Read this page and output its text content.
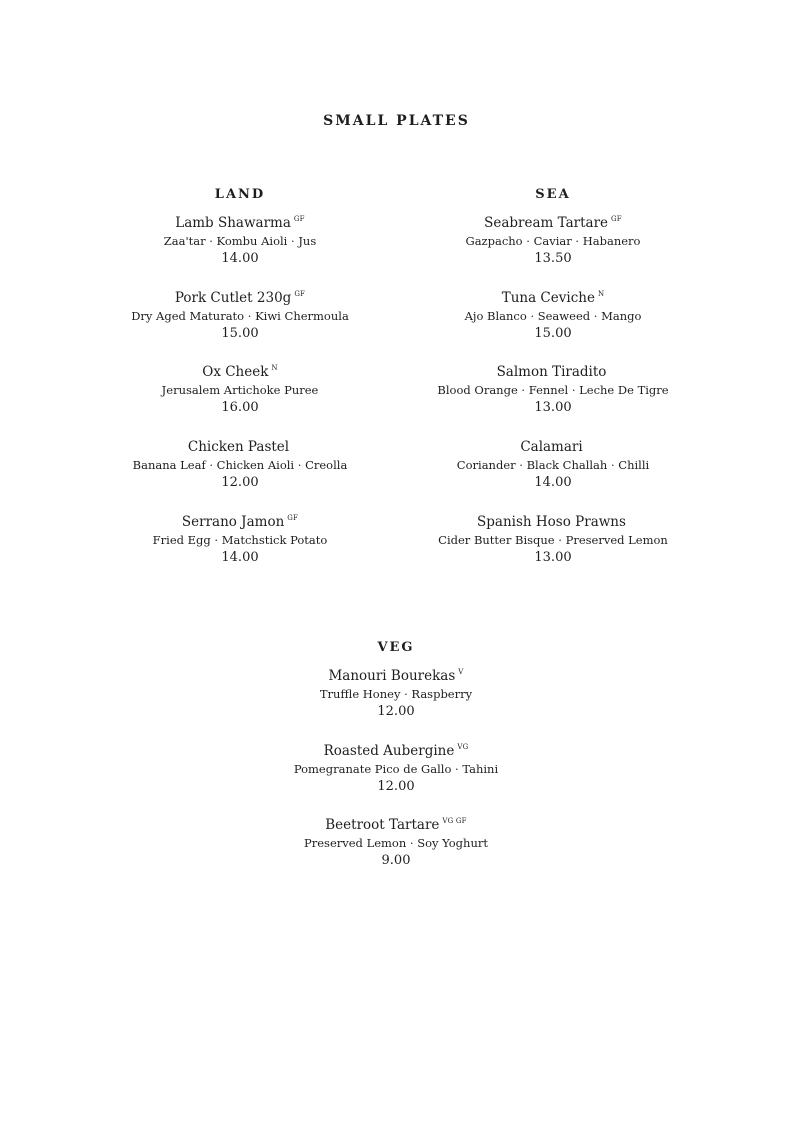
SMALL PLATES
LAND
Lamb Shawarma $^{GF}$
Zaa'tar · Kombu Aioli · Jus
14.00
Pork Cutlet 230g $^{GF}$
Dry Aged Maturato · Kiwi Chermoula
15.00
Ox Cheek $^N$
Jerusalem Artichoke Puree
16.00
Chicken Pastel
Banana Leaf · Chicken Aioli · Creolla
12.00
Serrano Jamon $^{GF}$
Fried Egg · Matchstick Potato
14.00
SEA
Seabream Tartare $^{GF}$
Gazpacho · Caviar · Habanero
13.50
Tuna Ceviche $^N$
Ajo Blanco · Seaweed · Mango
15.00
Salmon Tiradito
Blood Orange · Fennel · Leche De Tigre
13.00
Calamari
Coriander · Black Challah · Chilli
14.00
Spanish Hoso Prawns
Cider Butter Bisque · Preserved Lemon
13.00
VEG
Manouri Bourekas $^V$
Truffle Honey · Raspberry
12.00
Roasted Aubergine $^{VG}$
Pomegranate Pico de Gallo · Tahini
12.00
Beetroot Tartare $^{VG GF}$
Preserved Lemon · Soy Yoghurt
9.00
